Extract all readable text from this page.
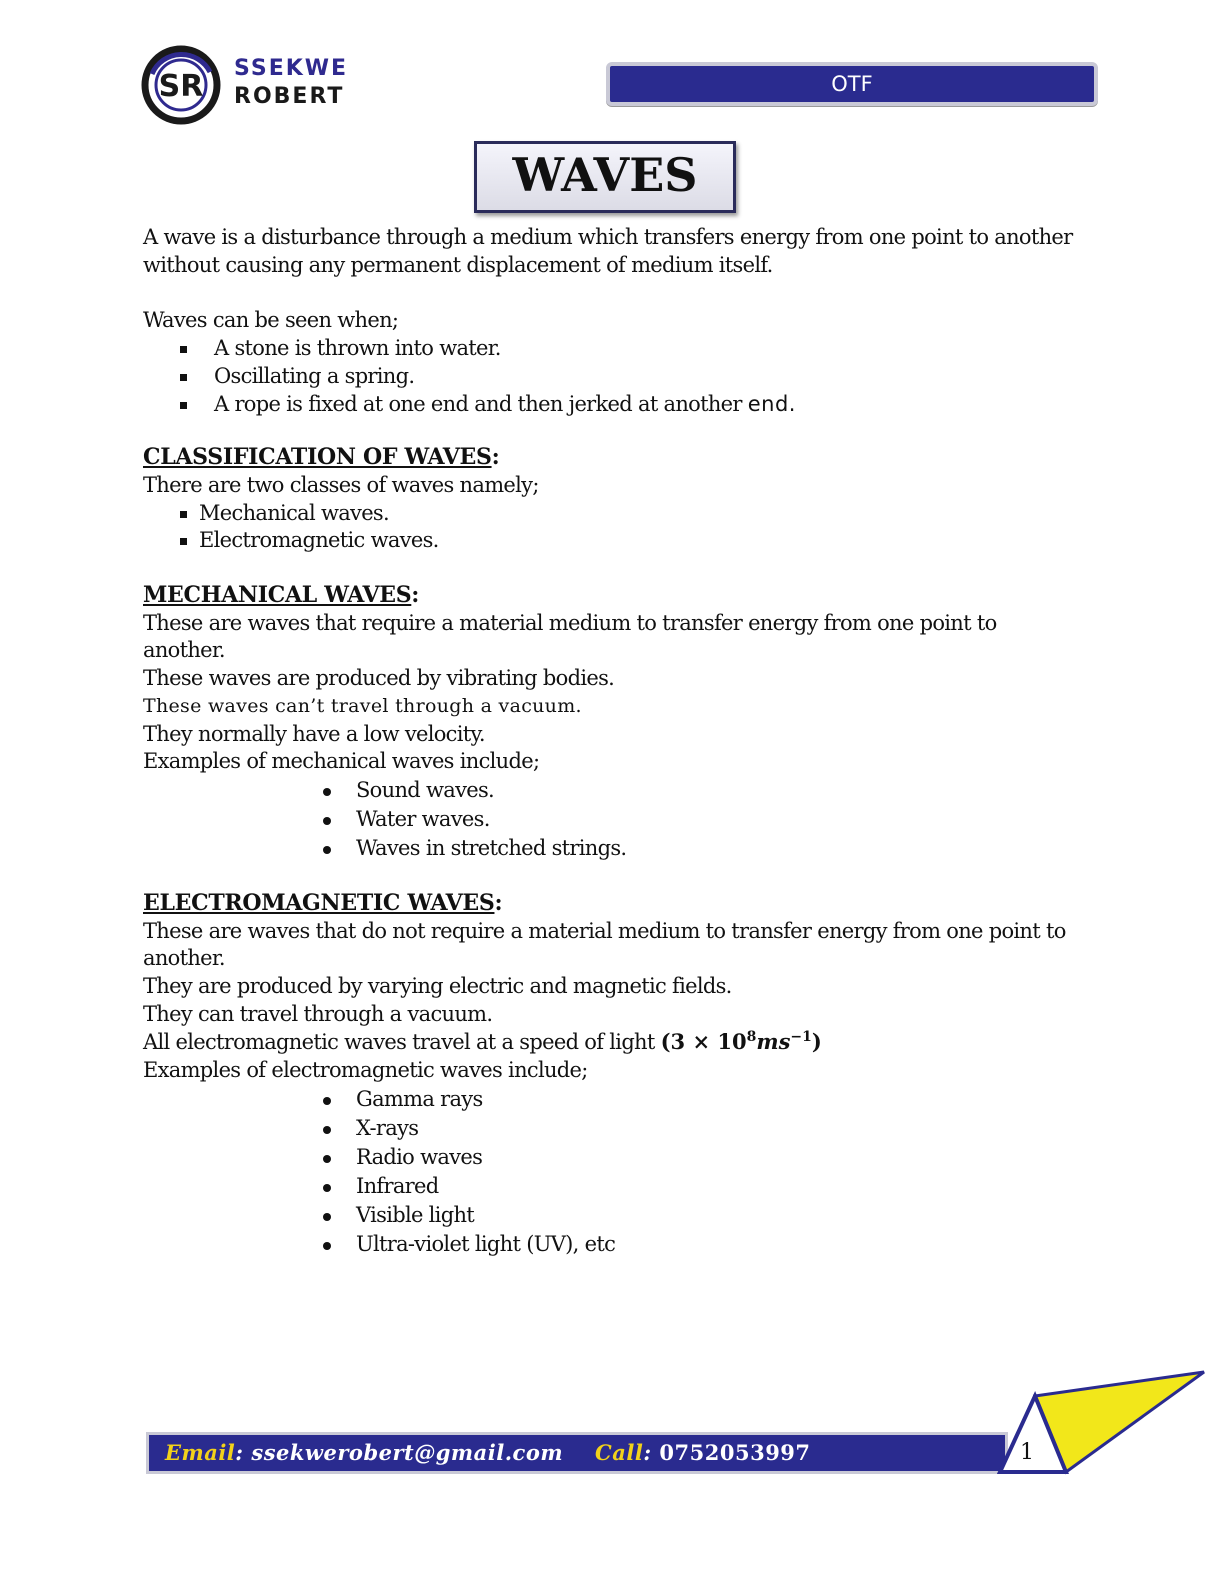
SR
SSEKWE
ROBERT	OTF
WAVES

A wave is a disturbance through a medium which transfers energy from one point to another without causing any permanent displacement of medium itself.

Waves can be seen when;

A stone is thrown into water.
Oscillating a spring.
A rope is fixed at one end and then jerked at another end.

CLASSIFICATION OF WAVES:

There are two classes of waves namely;

Mechanical waves.
Electromagnetic waves.

MECHANICAL WAVES:

These are waves that require a material medium to transfer energy from one point to another.

These waves are produced by vibrating bodies.

These waves can’t travel through a vacuum.

They normally have a low velocity.

Examples of mechanical waves include;

Sound waves.
Water waves.
Waves in stretched strings.

ELECTROMAGNETIC WAVES:

These are waves that do not require a material medium to transfer energy from one point to another.

They are produced by varying electric and magnetic fields.

They can travel through a vacuum.

All electromagnetic waves travel at a speed of light $(3 \times 10^8ms^{-1})$

Examples of electromagnetic waves include;

Gamma rays
X-rays
Radio waves
Infrared
Visible light
Ultra-violet light (UV), etc
Email: ssekwerobert@gmail.com Call: 0752053997	1
